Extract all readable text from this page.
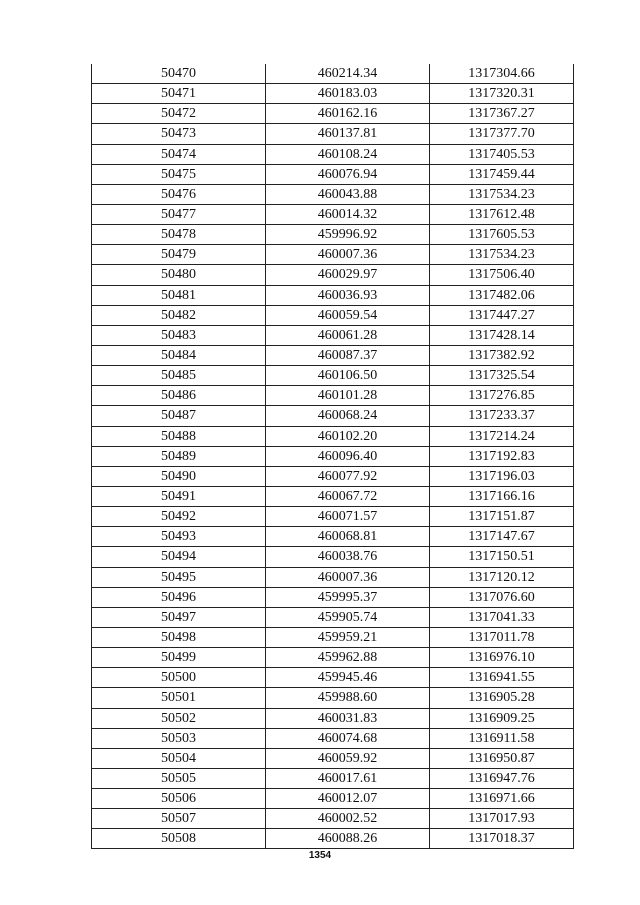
50470	460214.34	1317304.66
50471	460183.03	1317320.31
50472	460162.16	1317367.27
50473	460137.81	1317377.70
50474	460108.24	1317405.53
50475	460076.94	1317459.44
50476	460043.88	1317534.23
50477	460014.32	1317612.48
50478	459996.92	1317605.53
50479	460007.36	1317534.23
50480	460029.97	1317506.40
50481	460036.93	1317482.06
50482	460059.54	1317447.27
50483	460061.28	1317428.14
50484	460087.37	1317382.92
50485	460106.50	1317325.54
50486	460101.28	1317276.85
50487	460068.24	1317233.37
50488	460102.20	1317214.24
50489	460096.40	1317192.83
50490	460077.92	1317196.03
50491	460067.72	1317166.16
50492	460071.57	1317151.87
50493	460068.81	1317147.67
50494	460038.76	1317150.51
50495	460007.36	1317120.12
50496	459995.37	1317076.60
50497	459905.74	1317041.33
50498	459959.21	1317011.78
50499	459962.88	1316976.10
50500	459945.46	1316941.55
50501	459988.60	1316905.28
50502	460031.83	1316909.25
50503	460074.68	1316911.58
50504	460059.92	1316950.87
50505	460017.61	1316947.76
50506	460012.07	1316971.66
50507	460002.52	1317017.93
50508	460088.26	1317018.37
1354
